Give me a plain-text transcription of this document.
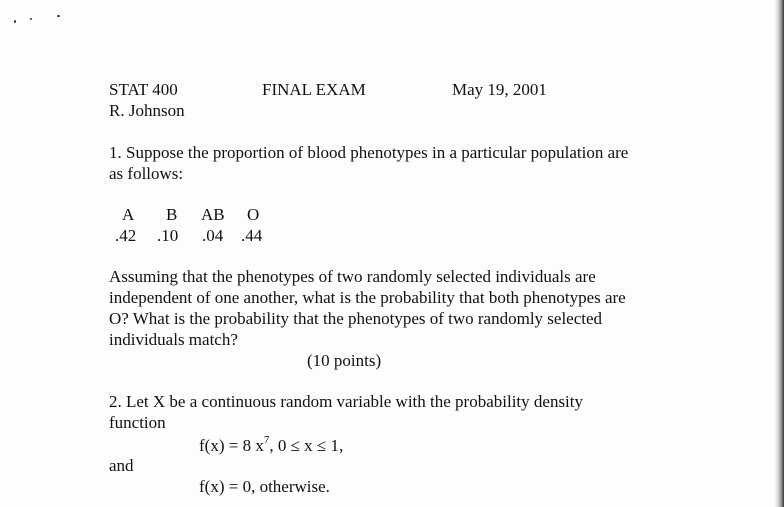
STAT 400	FINAL EXAM	May 19, 2001
R. Johnson
1. Suppose the proportion of blood phenotypes in a particular population are
as follows:
A B AB O
.42 .10 .04 .44
Assuming that the phenotypes of two randomly selected individuals are
independent of one another, what is the probability that both phenotypes are
O? What is the probability that the phenotypes of two randomly selected
individuals match?
(10 points)
2. Let X be a continuous random variable with the probability density
function
f(x) = 8 $x^7$, 0 ≤ x ≤ 1,
and
f(x) = 0, otherwise.
